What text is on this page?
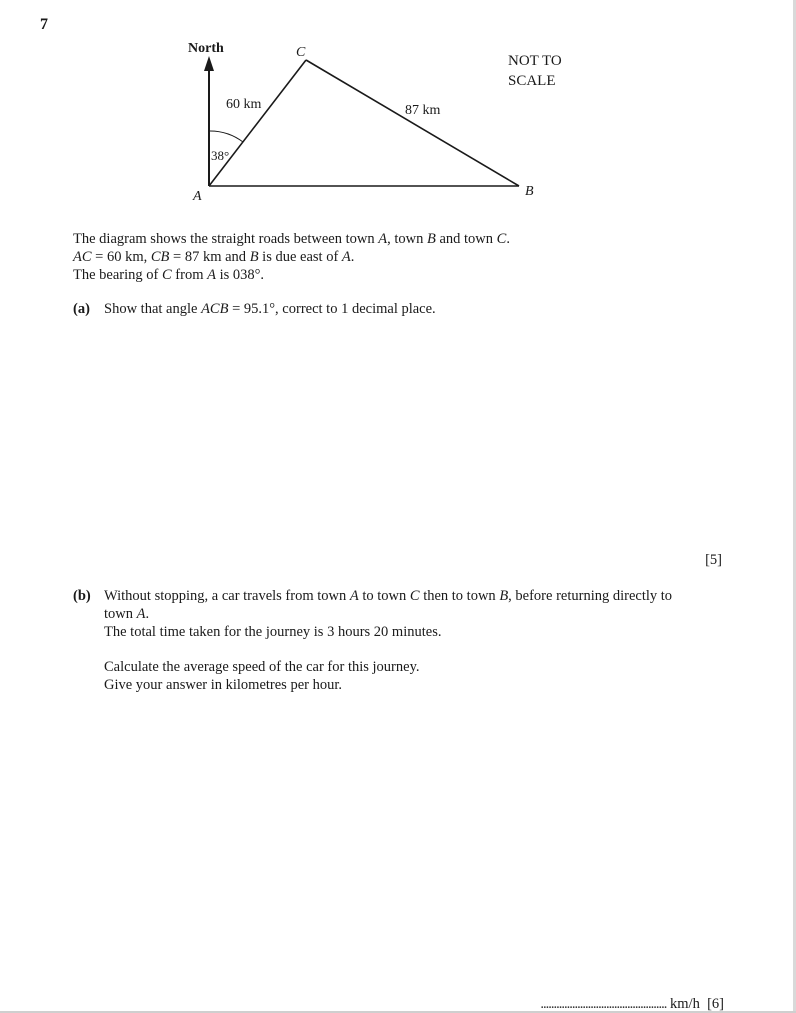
7
North	C
A	B
60 km	87 km
38°
NOT TO
SCALE
The diagram shows the straight roads between town A, town B and town C.
AC = 60 km, CB = 87 km and B is due east of A.
The bearing of C from A is 038°.
(a) Show that angle ACB = 95.1°, correct to 1 decimal place.
[5]
(b) Without stopping, a car travels from town A to town C then to town B, before returning directly to
town A.
The total time taken for the journey is 3 hours 20 minutes.
Calculate the average speed of the car for this journey.
Give your answer in kilometres per hour.
................................................ km/h [6]
